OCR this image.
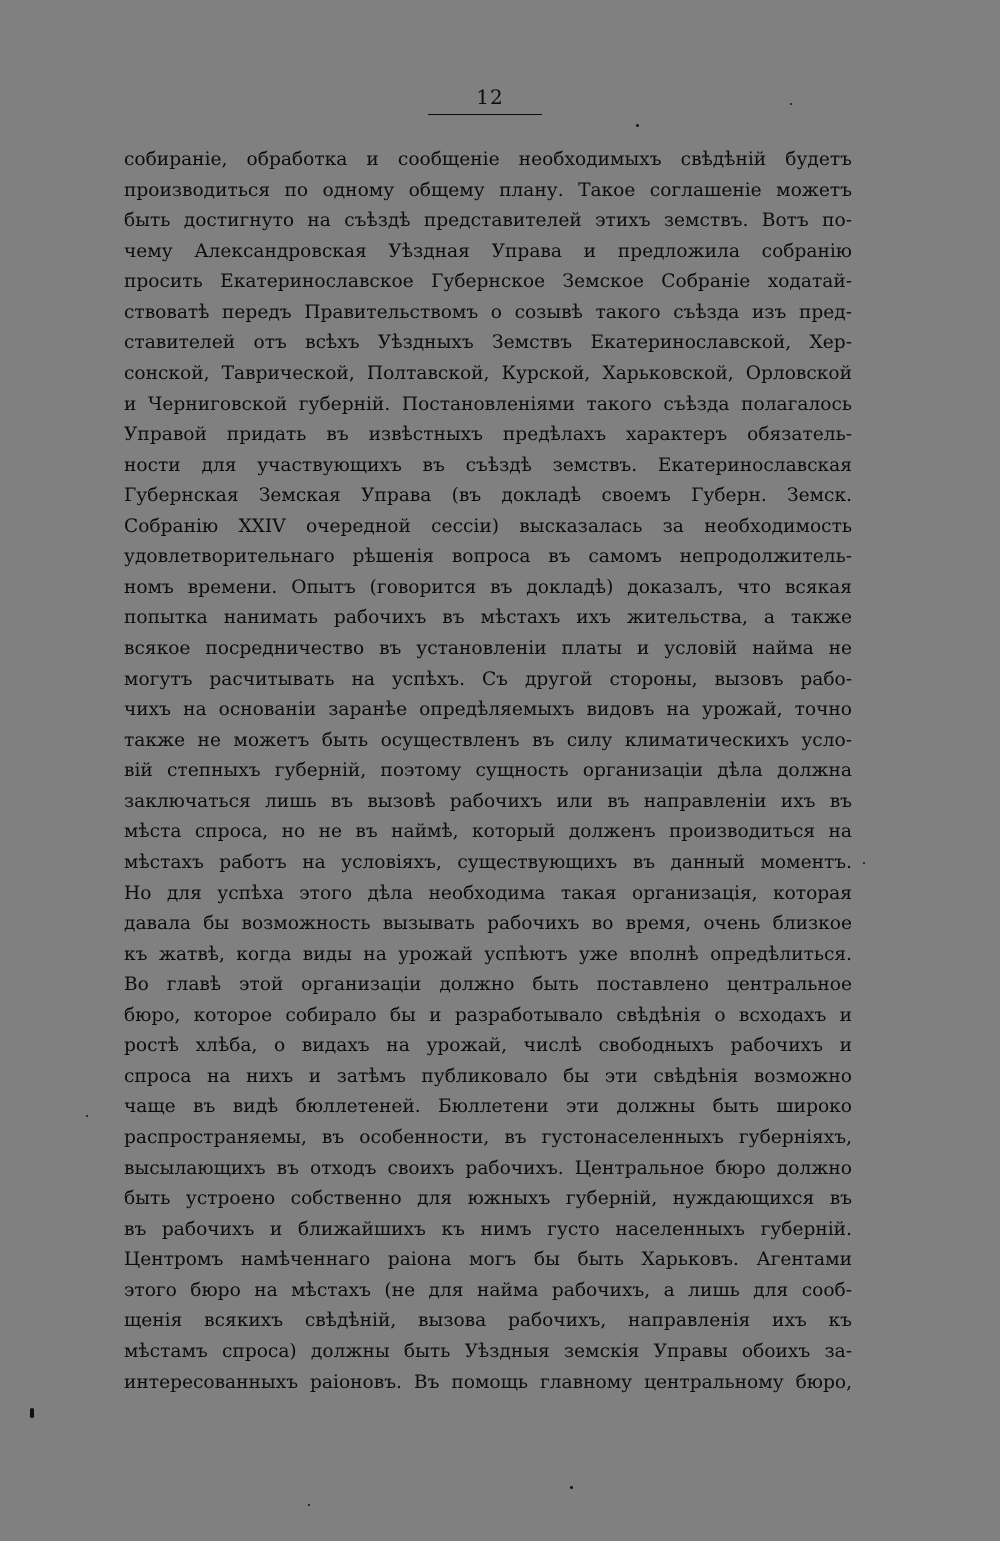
12
собираніе, обработка и сообщеніе необходимыхъ свѣдѣній будетъ
производиться по одному общему плану. Такое соглашеніе можетъ
быть достигнуто на съѣздѣ представителей этихъ земствъ. Вотъ по-
чему Александровская Уѣздная Управа и предложила собранію
просить Екатеринославское Губернское Земское Собраніе ходатай-
ствоватѣ передъ Правительствомъ о созывѣ такого съѣзда изъ пред-
ставителей отъ всѣхъ Уѣздныхъ Земствъ Екатеринославской, Хер-
сонской, Таврической, Полтавской, Курской, Харьковской, Орловской
и Черниговской губерній. Постановленіями такого съѣзда полагалось
Управой придать въ извѣстныхъ предѣлахъ характеръ обязатель-
ности для участвующихъ въ съѣздѣ земствъ. Екатеринославская
Губернская Земская Управа (въ докладѣ своемъ Губерн. Земск.
Собранію XXIV очередной сессіи) высказалась за необходимость
удовлетворительнаго рѣшенія вопроса въ самомъ непродолжитель-
номъ времени. Опытъ (говорится въ докладѣ) доказалъ, что всякая
попытка нанимать рабочихъ въ мѣстахъ ихъ жительства, а также
всякое посредничество въ установленіи платы и условій найма не
могутъ расчитывать на успѣхъ. Съ другой стороны, вызовъ рабо-
чихъ на основаніи заранѣе опредѣляемыхъ видовъ на урожай, точно
также не можетъ быть осуществленъ въ силу климатическихъ усло-
вій степныхъ губерній, поэтому сущность организаціи дѣла должна
заключаться лишь въ вызовѣ рабочихъ или въ направленіи ихъ въ
мѣста спроса, но не въ наймѣ, который долженъ производиться на
мѣстахъ работъ на условіяхъ, существующихъ въ данный моментъ.
Но для успѣха этого дѣла необходима такая организація, которая
давала бы возможность вызывать рабочихъ во время, очень близкое
къ жатвѣ, когда виды на урожай успѣютъ уже вполнѣ опредѣлиться.
Во главѣ этой организаціи должно быть поставлено центральное
бюро, которое собирало бы и разработывало свѣдѣнія о всходахъ и
ростѣ хлѣба, о видахъ на урожай, числѣ свободныхъ рабочихъ и
спроса на нихъ и затѣмъ публиковало бы эти свѣдѣнія возможно
чаще въ видѣ бюллетеней. Бюллетени эти должны быть широко
распространяемы, въ особенности, въ густонаселенныхъ губерніяхъ,
высылающихъ въ отходъ своихъ рабочихъ. Центральное бюро должно
быть устроено собственно для южныхъ губерній, нуждающихся въ
въ рабочихъ и ближайшихъ къ нимъ густо населенныхъ губерній.
Центромъ намѣченнаго раіона могъ бы быть Харьковъ. Агентами
этого бюро на мѣстахъ (не для найма рабочихъ, а лишь для сооб-
щенія всякихъ свѣдѣній, вызова рабочихъ, направленія ихъ къ
мѣстамъ спроса) должны быть Уѣздныя земскія Управы обоихъ за-
интересованныхъ раіоновъ. Въ помощь главному центральному бюро,
